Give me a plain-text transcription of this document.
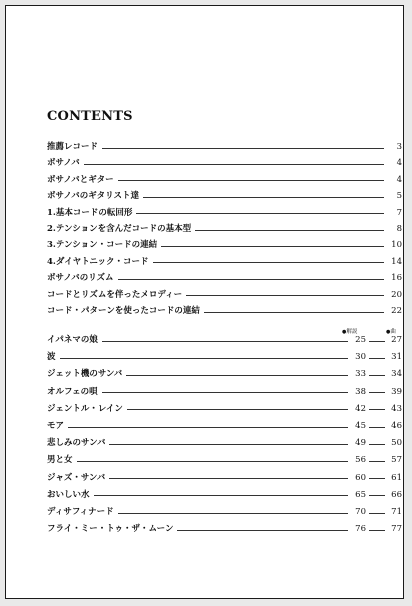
CONTENTS
●解説	●曲
推薦レコード	3
ボサノバ	4
ボサノバとギター	4
ボサノバのギタリスト達	5
1.基本コードの転回形	7
2.テンションを含んだコードの基本型	8
3.テンション・コードの連結	10
4.ダイヤトニック・コード	14
ボサノバのリズム	16
コードとリズムを伴ったメロディー	20
コード・パターンを使ったコードの連結	22
イパネマの娘	25	27
波	30	31
ジェット機のサンバ	33	34
オルフェの唄	38	39
ジェントル・レイン	42	43
モア	45	46
悲しみのサンバ	49	50
男と女	56	57
ジャズ・サンバ	60	61
おいしい水	65	66
ディサフィナード	70	71
フライ・ミー・トゥ・ザ・ムーン	76	77
